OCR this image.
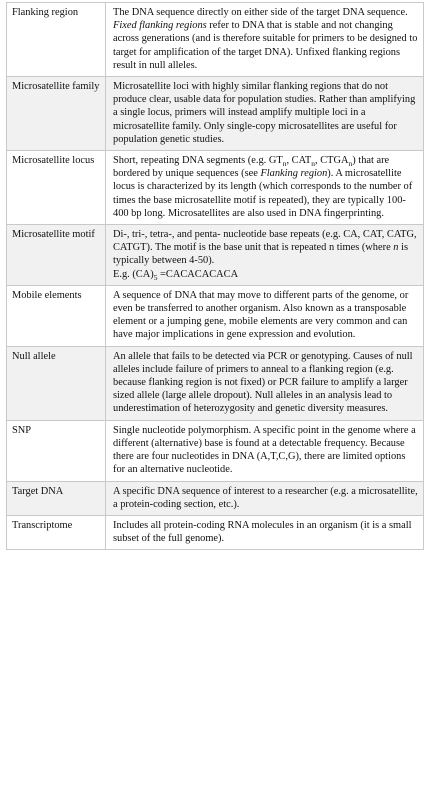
Flanking region	The DNA sequence directly on either side of the target DNA sequence. Fixed flanking regions refer to DNA that is stable and not changing across generations (and is therefore suitable for primers to be designed to target for amplification of the target DNA). Unfixed flanking regions result in null alleles.
Microsatellite family	Microsatellite loci with highly similar flanking regions that do not produce clear, usable data for population studies. Rather than amplifying a single locus, primers will instead amplify multiple loci in a microsatellite family. Only single-copy microsatellites are useful for population genetic studies.
Microsatellite locus	Short, repeating DNA segments (e.g. $GT_n$, $CAT_n$, $CTGA_n$) that are bordered by unique sequences (see Flanking region). A microsatellite locus is characterized by its length (which corresponds to the number of times the base microsatellite motif is repeated), they are typically 100-400 bp long. Microsatellites are also used in DNA fingerprinting.
Microsatellite motif	Di-, tri-, tetra-, and penta- nucleotide base repeats (e.g. CA, CAT, CATG, CATGT). The motif is the base unit that is repeated n times (where n is typically between 4-50).
E.g. $(CA)_5$ =CACACACACA
Mobile elements	A sequence of DNA that may move to different parts of the genome, or even be transferred to another organism. Also known as a transposable element or a jumping gene, mobile elements are very common and can have major implications in gene expression and evolution.
Null allele	An allele that fails to be detected via PCR or genotyping. Causes of null alleles include failure of primers to anneal to a flanking region (e.g. because flanking region is not fixed) or PCR failure to amplify a larger sized allele (large allele dropout). Null alleles in an analysis lead to underestimation of heterozygosity and genetic diversity measures.
SNP	Single nucleotide polymorphism. A specific point in the genome where a different (alternative) base is found at a detectable frequency. Because there are four nucleotides in DNA (A,T,C,G), there are limited options for an alternative nucleotide.
Target DNA	A specific DNA sequence of interest to a researcher (e.g. a microsatellite, a protein-coding section, etc.).
Transcriptome	Includes all protein-coding RNA molecules in an organism (it is a small subset of the full genome).
